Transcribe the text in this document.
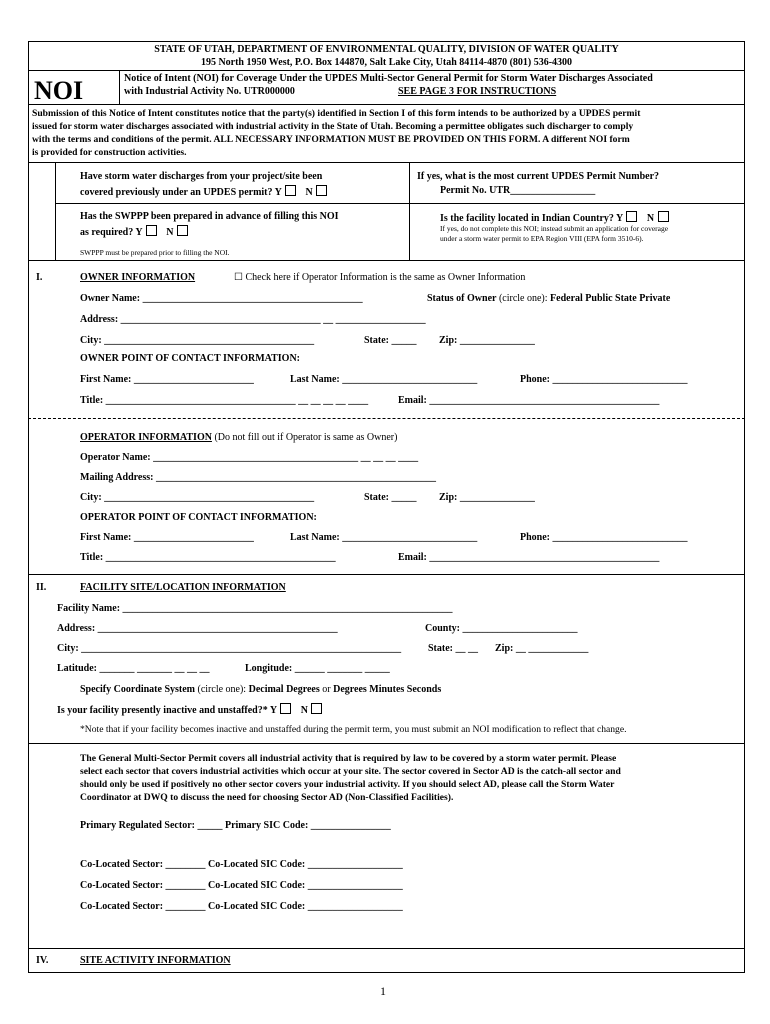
STATE OF UTAH, DEPARTMENT OF ENVIRONMENTAL QUALITY, DIVISION OF WATER QUALITY
195 North 1950 West, P.O. Box 144870, Salt Lake City, Utah 84114-4870 (801) 536-4300
NOI	Notice of Intent (NOI) for Coverage Under the UPDES Multi-Sector General Permit for Storm Water Discharges Associated
with Industrial Activity No. UTR000000	SEE PAGE 3 FOR INSTRUCTIONS
Submission of this Notice of Intent constitutes notice that the party(s) identified in Section I of this form intends to be authorized by a UPDES permit
issued for storm water discharges associated with industrial activity in the State of Utah. Becoming a permittee obligates such discharger to comply
with the terms and conditions of the permit. ALL NECESSARY INFORMATION MUST BE PROVIDED ON THIS FORM. A different NOI form
is provided for construction activities.
Have storm water discharges from your project/site been
covered previously under an UPDES permit? Y N
If yes, what is the most current UPDES Permit Number?
Permit No. UTR_________________
Has the SWPPP been prepared in advance of filling this NOI
as required? Y N
SWPPP must be prepared prior to filling the NOI.
Is the facility located in Indian Country? Y N
If yes, do not complete this NOI; instead submit an application for coverage
under a storm water permit to EPA Region VIII (EPA form 3510-6).
I.	OWNER INFORMATION	☐ Check here if Operator Information is the same as Owner Information
Owner Name: ____________________________________________	Status of Owner (circle one): Federal Public State Private
Address: ________________________________________ __ __________________
City: __________________________________________	State: _____ Zip: _______________
OWNER POINT OF CONTACT INFORMATION:
First Name: ________________________	Last Name: ___________________________	Phone: ___________________________
Title: ______________________________________ __ __ __ __ ____	Email: ______________________________________________
OPERATOR INFORMATION (Do not fill out if Operator is same as Owner)
Operator Name: _________________________________________ __ __ __ ____
Mailing Address: ________________________________________________________
City: __________________________________________	State: _____ Zip: _______________
OPERATOR POINT OF CONTACT INFORMATION:
First Name: ________________________	Last Name: ___________________________	Phone: ___________________________
Title: ______________________________________________	Email: ______________________________________________
II.	FACILITY SITE/LOCATION INFORMATION
Facility Name: __________________________________________________________________
Address: ________________________________________________	County: _______________________
City: ________________________________________________________________	State: __ __ Zip: __ ____________
Latitude: _______ _______ __ __ __	Longitude: ______ _______ _____
Specify Coordinate System (circle one): Decimal Degrees or Degrees Minutes Seconds
Is your facility presently inactive and unstaffed?* Y N
*Note that if your facility becomes inactive and unstaffed during the permit term, you must submit an NOI modification to reflect that change.
The General Multi-Sector Permit covers all industrial activity that is required by law to be covered by a storm water permit. Please
select each sector that covers industrial activities which occur at your site. The sector covered in Sector AD is the catch-all sector and
should only be used if positively no other sector covers your industrial activity. If you should select AD, please call the Storm Water
Coordinator at DWQ to discuss the need for choosing Sector AD (Non-Classified Facilities).
Primary Regulated Sector: _____ Primary SIC Code: ________________
Co-Located Sector: ________ Co-Located SIC Code: ___________________
Co-Located Sector: ________ Co-Located SIC Code: ___________________
Co-Located Sector: ________ Co-Located SIC Code: ___________________
IV.	SITE ACTIVITY INFORMATION
1
